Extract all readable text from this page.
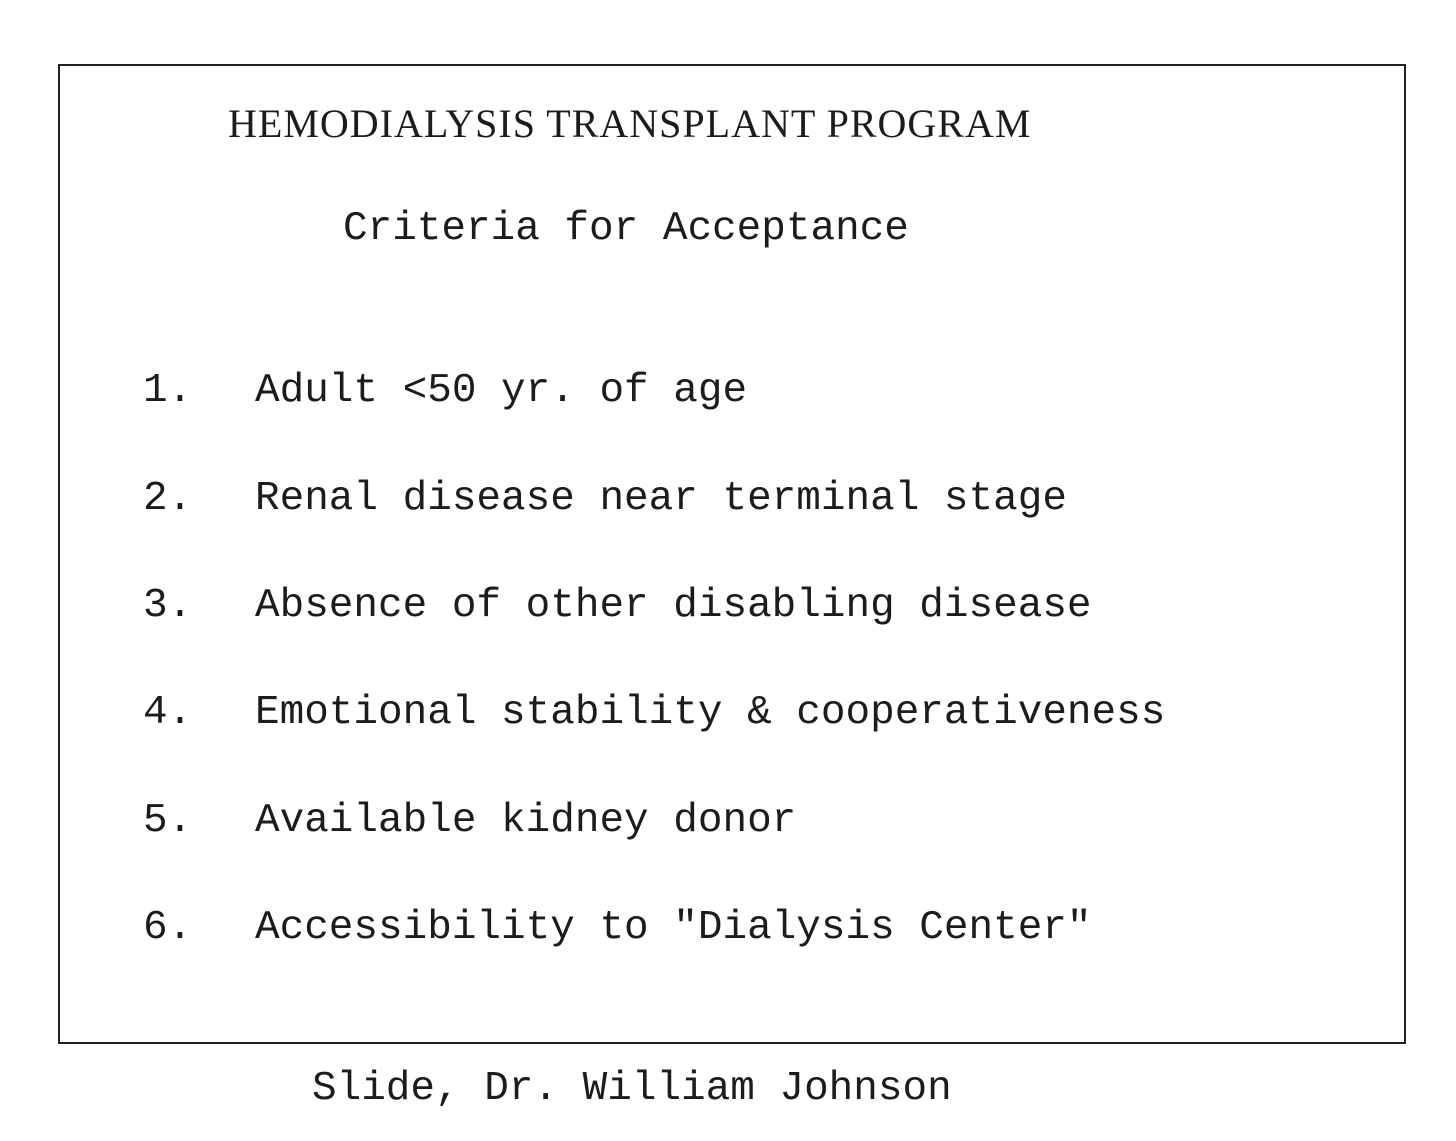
HEMODIALYSIS TRANSPLANT PROGRAM
Criteria for Acceptance
1. Adult <50 yr. of age
2. Renal disease near terminal stage
3. Absence of other disabling disease
4. Emotional stability & cooperativeness
5. Available kidney donor
6. Accessibility to "Dialysis Center"
Slide, Dr. William Johnson
